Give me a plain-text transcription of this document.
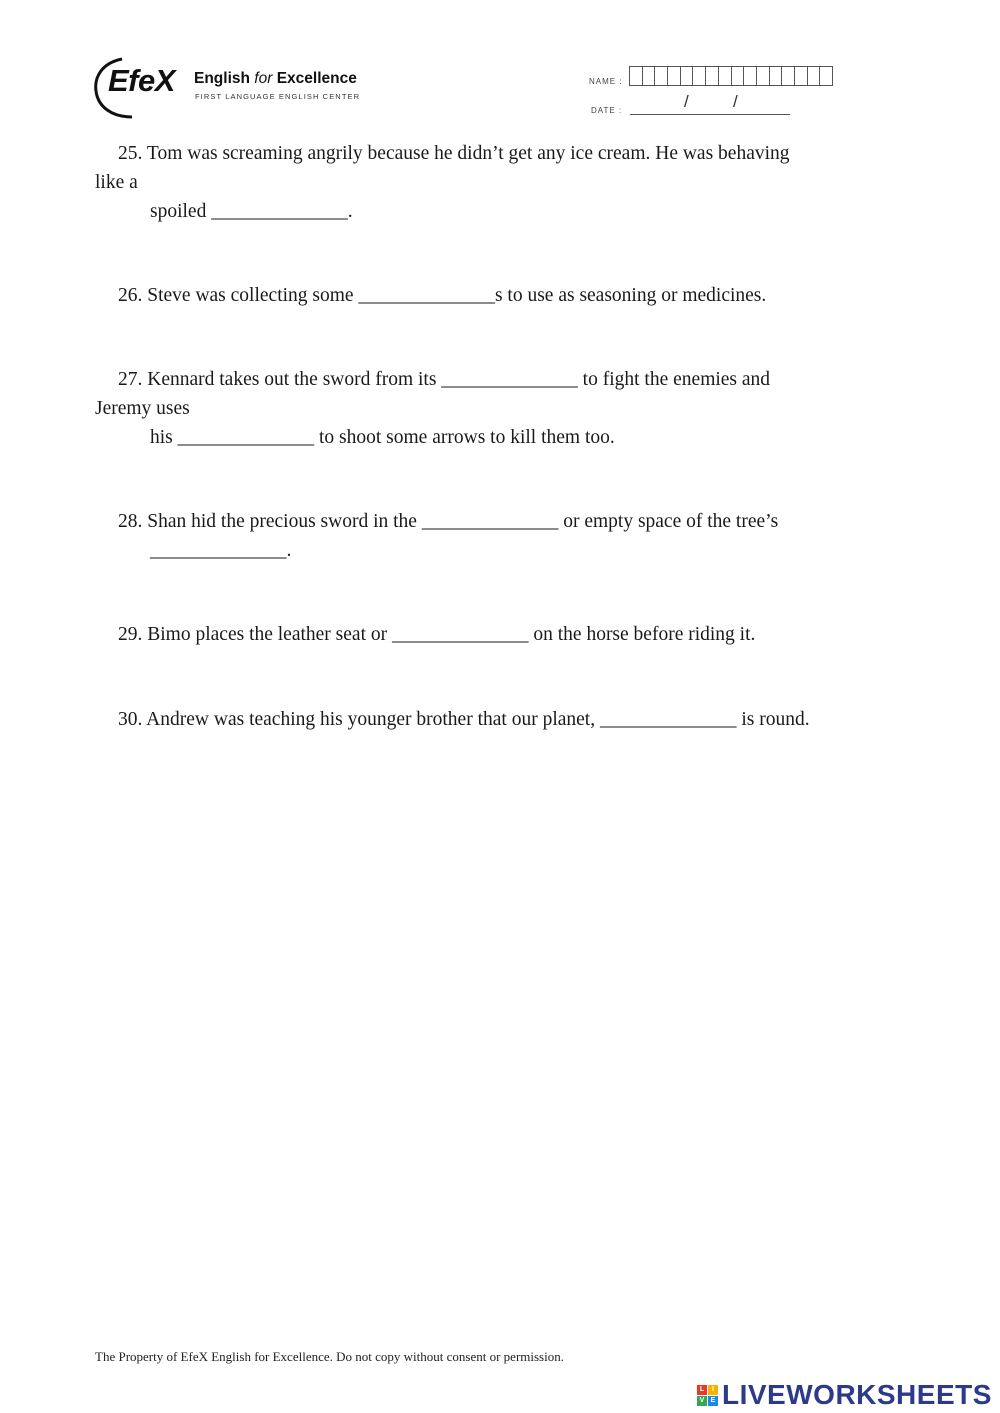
EfeX English for Excellence
FIRST LANGUAGE ENGLISH CENTER
NAME :
DATE :	/	/
25. Tom was screaming angrily because he didn’t get any ice cream. He was behaving
like a
spoiled ______________.
26. Steve was collecting some ______________s to use as seasoning or medicines.
27. Kennard takes out the sword from its ______________ to fight the enemies and
Jeremy uses
his ______________ to shoot some arrows to kill them too.
28. Shan hid the precious sword in the ______________ or empty space of the tree’s
______________.
29. Bimo places the leather seat or ______________ on the horse before riding it.
30. Andrew was teaching his younger brother that our planet, ______________ is round.
The Property of EfeX English for Excellence. Do not copy without consent or permission.
L	I
V E LIVEWORKSHEETS
